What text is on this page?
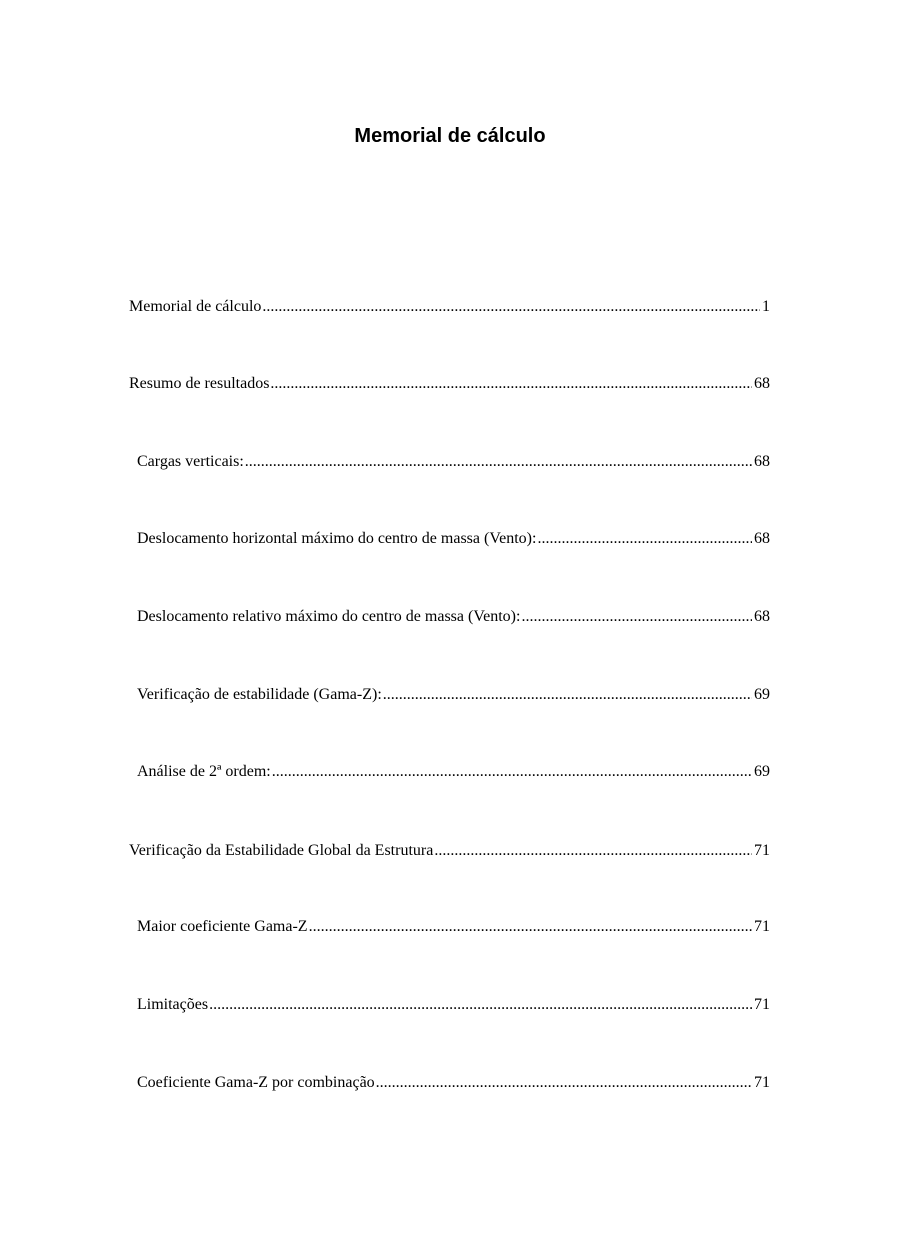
Memorial de cálculo
Memorial de cálculo .....	1
Resumo de resultados .....	68
Cargas verticais: .....	68
Deslocamento horizontal máximo do centro de massa (Vento): .....	68
Deslocamento relativo máximo do centro de massa (Vento): .....	68
Verificação de estabilidade (Gama-Z): .....	69
Análise de 2ª ordem: .....	69
Verificação da Estabilidade Global da Estrutura .....	71
Maior coeficiente Gama-Z .....	71
Limitações .....	71
Coeficiente Gama-Z por combinação .....	71
